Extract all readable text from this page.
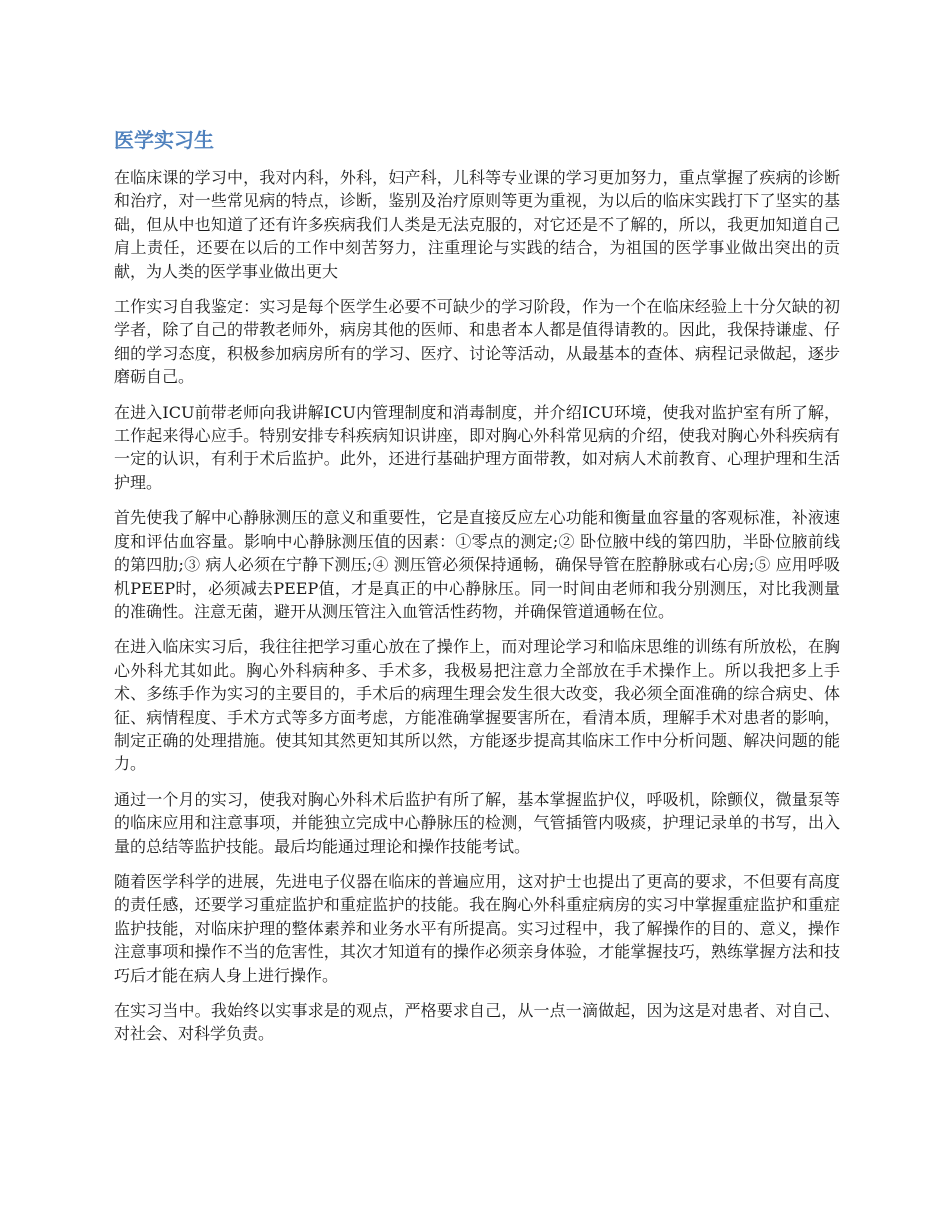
医学实习生

在临床课的学习中，我对内科，外科，妇产科，儿科等专业课的学习更加努力，重点掌握了疾病的诊断和治疗，对一些常见病的特点，诊断，鉴别及治疗原则等更为重视，为以后的临床实践打下了坚实的基础，但从中也知道了还有许多疾病我们人类是无法克服的，对它还是不了解的，所以，我更加知道自己肩上责任，还要在以后的工作中刻苦努力，注重理论与实践的结合，为祖国的医学事业做出突出的贡献，为人类的医学事业做出更大

工作实习自我鉴定：实习是每个医学生必要不可缺少的学习阶段，作为一个在临床经验上十分欠缺的初学者，除了自己的带教老师外，病房其他的医师、和患者本人都是值得请教的。因此，我保持谦虚、仔细的学习态度，积极参加病房所有的学习、医疗、讨论等活动，从最基本的查体、病程记录做起，逐步磨砺自己。

在进入ICU前带老师向我讲解ICU内管理制度和消毒制度，并介绍ICU环境，使我对监护室有所了解，工作起来得心应手。特别安排专科疾病知识讲座，即对胸心外科常见病的介绍，使我对胸心外科疾病有一定的认识，有利于术后监护。此外，还进行基础护理方面带教，如对病人术前教育、心理护理和生活护理。

首先使我了解中心静脉测压的意义和重要性，它是直接反应左心功能和衡量血容量的客观标准，补液速度和评估血容量。影响中心静脉测压值的因素：①零点的测定;② 卧位腋中线的第四肋，半卧位腋前线的第四肋;③ 病人必须在宁静下测压;④ 测压管必须保持通畅，确保导管在腔静脉或右心房;⑤ 应用呼吸机PEEP时，必须减去PEEP值，才是真正的中心静脉压。同一时间由老师和我分别测压，对比我测量的准确性。注意无菌，避开从测压管注入血管活性药物，并确保管道通畅在位。

在进入临床实习后，我往往把学习重心放在了操作上，而对理论学习和临床思维的训练有所放松，在胸心外科尤其如此。胸心外科病种多、手术多，我极易把注意力全部放在手术操作上。所以我把多上手术、多练手作为实习的主要目的，手术后的病理生理会发生很大改变，我必须全面准确的综合病史、体征、病情程度、手术方式等多方面考虑，方能准确掌握要害所在，看清本质，理解手术对患者的影响，制定正确的处理措施。使其知其然更知其所以然，方能逐步提高其临床工作中分析问题、解决问题的能力。

通过一个月的实习，使我对胸心外科术后监护有所了解，基本掌握监护仪，呼吸机，除颤仪，微量泵等的临床应用和注意事项，并能独立完成中心静脉压的检测，气管插管内吸痰，护理记录单的书写，出入量的总结等监护技能。最后均能通过理论和操作技能考试。

随着医学科学的进展，先进电子仪器在临床的普遍应用，这对护士也提出了更高的要求，不但要有高度的责任感，还要学习重症监护和重症监护的技能。我在胸心外科重症病房的实习中掌握重症监护和重症监护技能，对临床护理的整体素养和业务水平有所提高。实习过程中，我了解操作的目的、意义，操作注意事项和操作不当的危害性，其次才知道有的操作必须亲身体验，才能掌握技巧，熟练掌握方法和技巧后才能在病人身上进行操作。

在实习当中。我始终以实事求是的观点，严格要求自己，从一点一滴做起，因为这是对患者、对自己、对社会、对科学负责。
